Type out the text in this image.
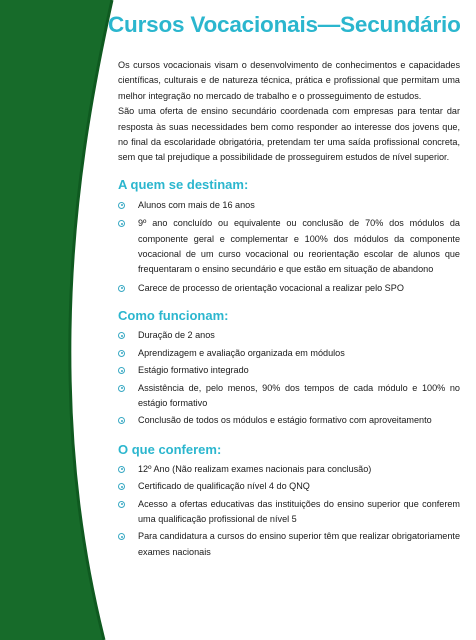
Cursos Vocacionais—Secundário

Os cursos vocacionais visam o desenvolvimento de conhecimentos e capacidades científicas, culturais e de natureza técnica, prática e profissional que permitam uma melhor integração no mercado de trabalho e o prosseguimento de estudos.

São uma oferta de ensino secundário coordenada com empresas para tentar dar resposta às suas necessidades bem como responder ao interesse dos jovens que, no final da escolaridade obrigatória, pretendam ter uma saída profissional concreta, sem que tal prejudique a possibilidade de prosseguirem estudos de nível superior.

A quem se destinam:
Alunos com mais de 16 anos
9º ano concluído ou equivalente ou conclusão de 70% dos módulos da componente geral e complementar e 100% dos módulos da componente vocacional de um curso vocacional ou reorientação escolar de alunos que frequentaram o ensino secundário e que estão em situação de abandono
Carece de processo de orientação vocacional a realizar pelo SPO
Como funcionam:
Duração de 2 anos
Aprendizagem e avaliação organizada em módulos
Estágio formativo integrado
Assistência de, pelo menos, 90% dos tempos de cada módulo e 100% no estágio formativo
Conclusão de todos os módulos e estágio formativo com aproveitamento
O que conferem:
12º Ano (Não realizam exames nacionais para conclusão)
Certificado de qualificação nível 4 do QNQ
Acesso a ofertas educativas das instituições do ensino superior que conferem uma qualificação profissional de nível 5
Para candidatura a cursos do ensino superior têm que realizar obrigatoriamente exames nacionais
